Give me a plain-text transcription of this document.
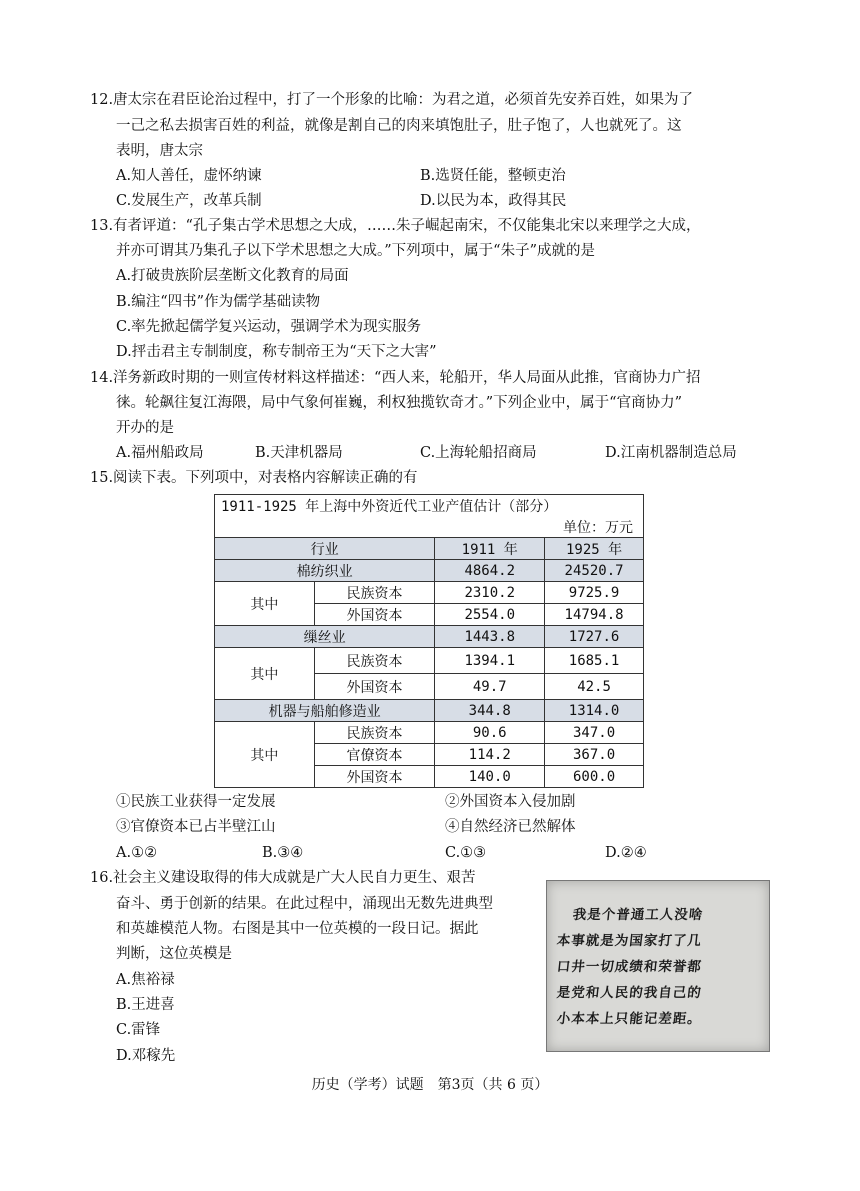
12.唐太宗在君臣论治过程中，打了一个形象的比喻：为君之道，必须首先安养百姓，如果为了
一己之私去损害百姓的利益，就像是割自己的肉来填饱肚子，肚子饱了，人也就死了。这
表明，唐太宗
A.知人善任，虚怀纳谏	B.选贤任能，整顿吏治
C.发展生产，改革兵制	D.以民为本，政得其民
13.有者评道：“孔子集古学术思想之大成，……朱子崛起南宋，不仅能集北宋以来理学之大成，
并亦可谓其乃集孔子以下学术思想之大成。”下列项中，属于“朱子”成就的是
A.打破贵族阶层垄断文化教育的局面
B.编注“四书”作为儒学基础读物
C.率先掀起儒学复兴运动，强调学术为现实服务
D.抨击君主专制制度，称专制帝王为“天下之大害”
14.洋务新政时期的一则宣传材料这样描述：“西人来，轮船开，华人局面从此推，官商协力广招
徕。轮飙往复江海隈，局中气象何崔巍，利权独揽钦奇才。”下列企业中，属于“官商协力”
开办的是
A.福州船政局	B.天津机器局	C.上海轮船招商局	D.江南机器制造总局
15.阅读下表。下列项中，对表格内容解读正确的有
1911-1925 年上海中外资近代工业产值估计（部分）			
单位：万元			
行业		1911 年	1925 年
棉纺织业		4864.2	24520.7
其中	民族资本	2310.2	9725.9
	外国资本	2554.0	14794.8
缫丝业		1443.8	1727.6
其中	民族资本	1394.1	1685.1
	外国资本	49.7	42.5
机器与船舶修造业		344.8	1314.0
其中	民族资本	90.6	347.0
	官僚资本	114.2	367.0
	外国资本	140.0	600.0
①民族工业获得一定发展	②外国资本入侵加剧
③官僚资本已占半壁江山	④自然经济已然解体
A.①②	B.③④	C.①③	D.②④
16.社会主义建设取得的伟大成就是广大人民自力更生、艰苦
奋斗、勇于创新的结果。在此过程中，涌现出无数先进典型
和英雄模范人物。右图是其中一位英模的一段日记。据此
判断，这位英模是
A.焦裕禄
B.王进喜
C.雷锋
D.邓稼先
我是个普通工人没啥
本事就是为国家打了几
口井一切成绩和荣誉都
是党和人民的我自己的
小本本上只能记差距。
历史（学考）试题　第3页（共 6 页）
